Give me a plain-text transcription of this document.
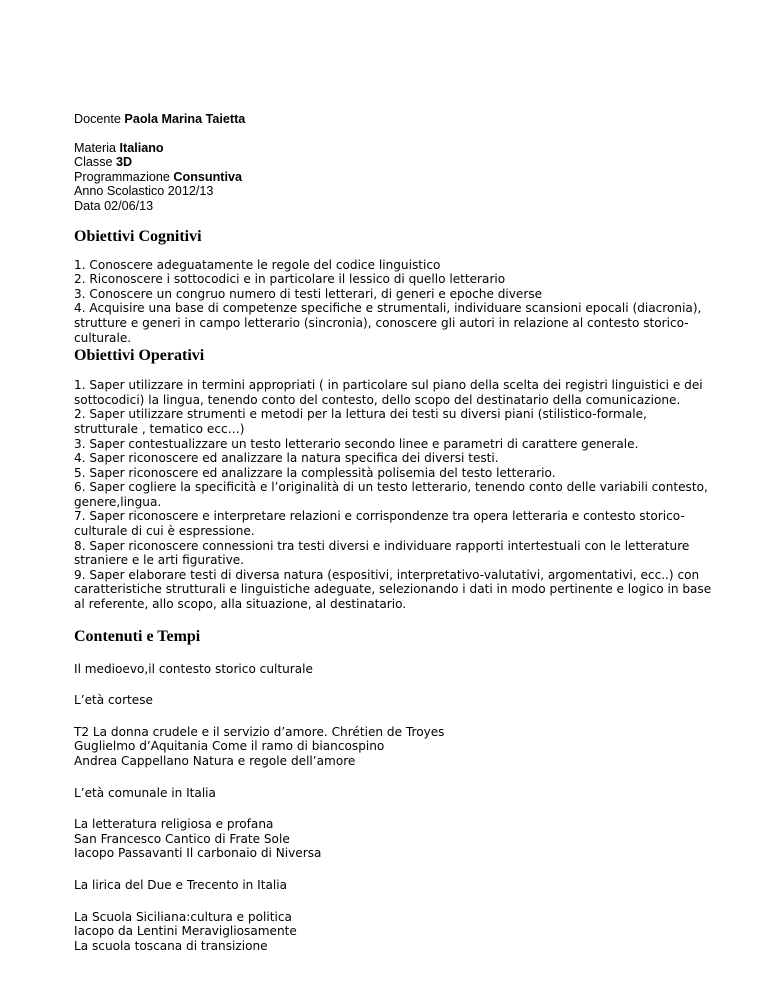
Docente Paola Marina Taietta

Materia Italiano

Classe 3D

Programmazione Consuntiva

Anno Scolastico 2012/13

Data 02/06/13

Obiettivi Cognitivi

1. Conoscere adeguatamente le regole del codice linguistico

2. Riconoscere i sottocodici e in particolare il lessico di quello letterario

3. Conoscere un congruo numero di testi letterari, di generi e epoche diverse

4. Acquisire una base di competenze specifiche e strumentali, individuare scansioni epocali (diacronia), strutture e generi in campo letterario (sincronia), conoscere gli autori in relazione al contesto storico-culturale.

Obiettivi Operativi

1. Saper utilizzare in termini appropriati ( in particolare sul piano della scelta dei registri linguistici e dei sottocodici) la lingua, tenendo conto del contesto, dello scopo del destinatario della comunicazione.

2. Saper utilizzare strumenti e metodi per la lettura dei testi su diversi piani (stilistico-formale, strutturale , tematico ecc…)

3. Saper contestualizzare un testo letterario secondo linee e parametri di carattere generale.

4. Saper riconoscere ed analizzare la natura specifica dei diversi testi.

5. Saper riconoscere ed analizzare la complessità polisemia del testo letterario.

6. Saper cogliere la specificità e l’originalità di un testo letterario, tenendo conto delle variabili contesto, genere,lingua.

7. Saper riconoscere e interpretare relazioni e corrispondenze tra opera letteraria e contesto storico-culturale di cui è espressione.

8. Saper riconoscere connessioni tra testi diversi e individuare rapporti intertestuali con le letterature straniere e le arti figurative.

9. Saper elaborare testi di diversa natura (espositivi, interpretativo-valutativi, argomentativi, ecc..) con caratteristiche strutturali e linguistiche adeguate, selezionando i dati in modo pertinente e logico in base al referente, allo scopo, alla situazione, al destinatario.

Contenuti e Tempi
Il medioevo,il contesto storico culturale
L’età cortese
T2 La donna crudele e il servizio d’amore. Chrétien de Troyes
Guglielmo d’Aquitania Come il ramo di biancospino
Andrea Cappellano Natura e regole dell’amore
L’età comunale in Italia
La letteratura religiosa e profana
San Francesco Cantico di Frate Sole
Iacopo Passavanti Il carbonaio di Niversa
La lirica del Due e Trecento in Italia
La Scuola Siciliana:cultura e politica
Iacopo da Lentini Meravigliosamente
La scuola toscana di transizione
